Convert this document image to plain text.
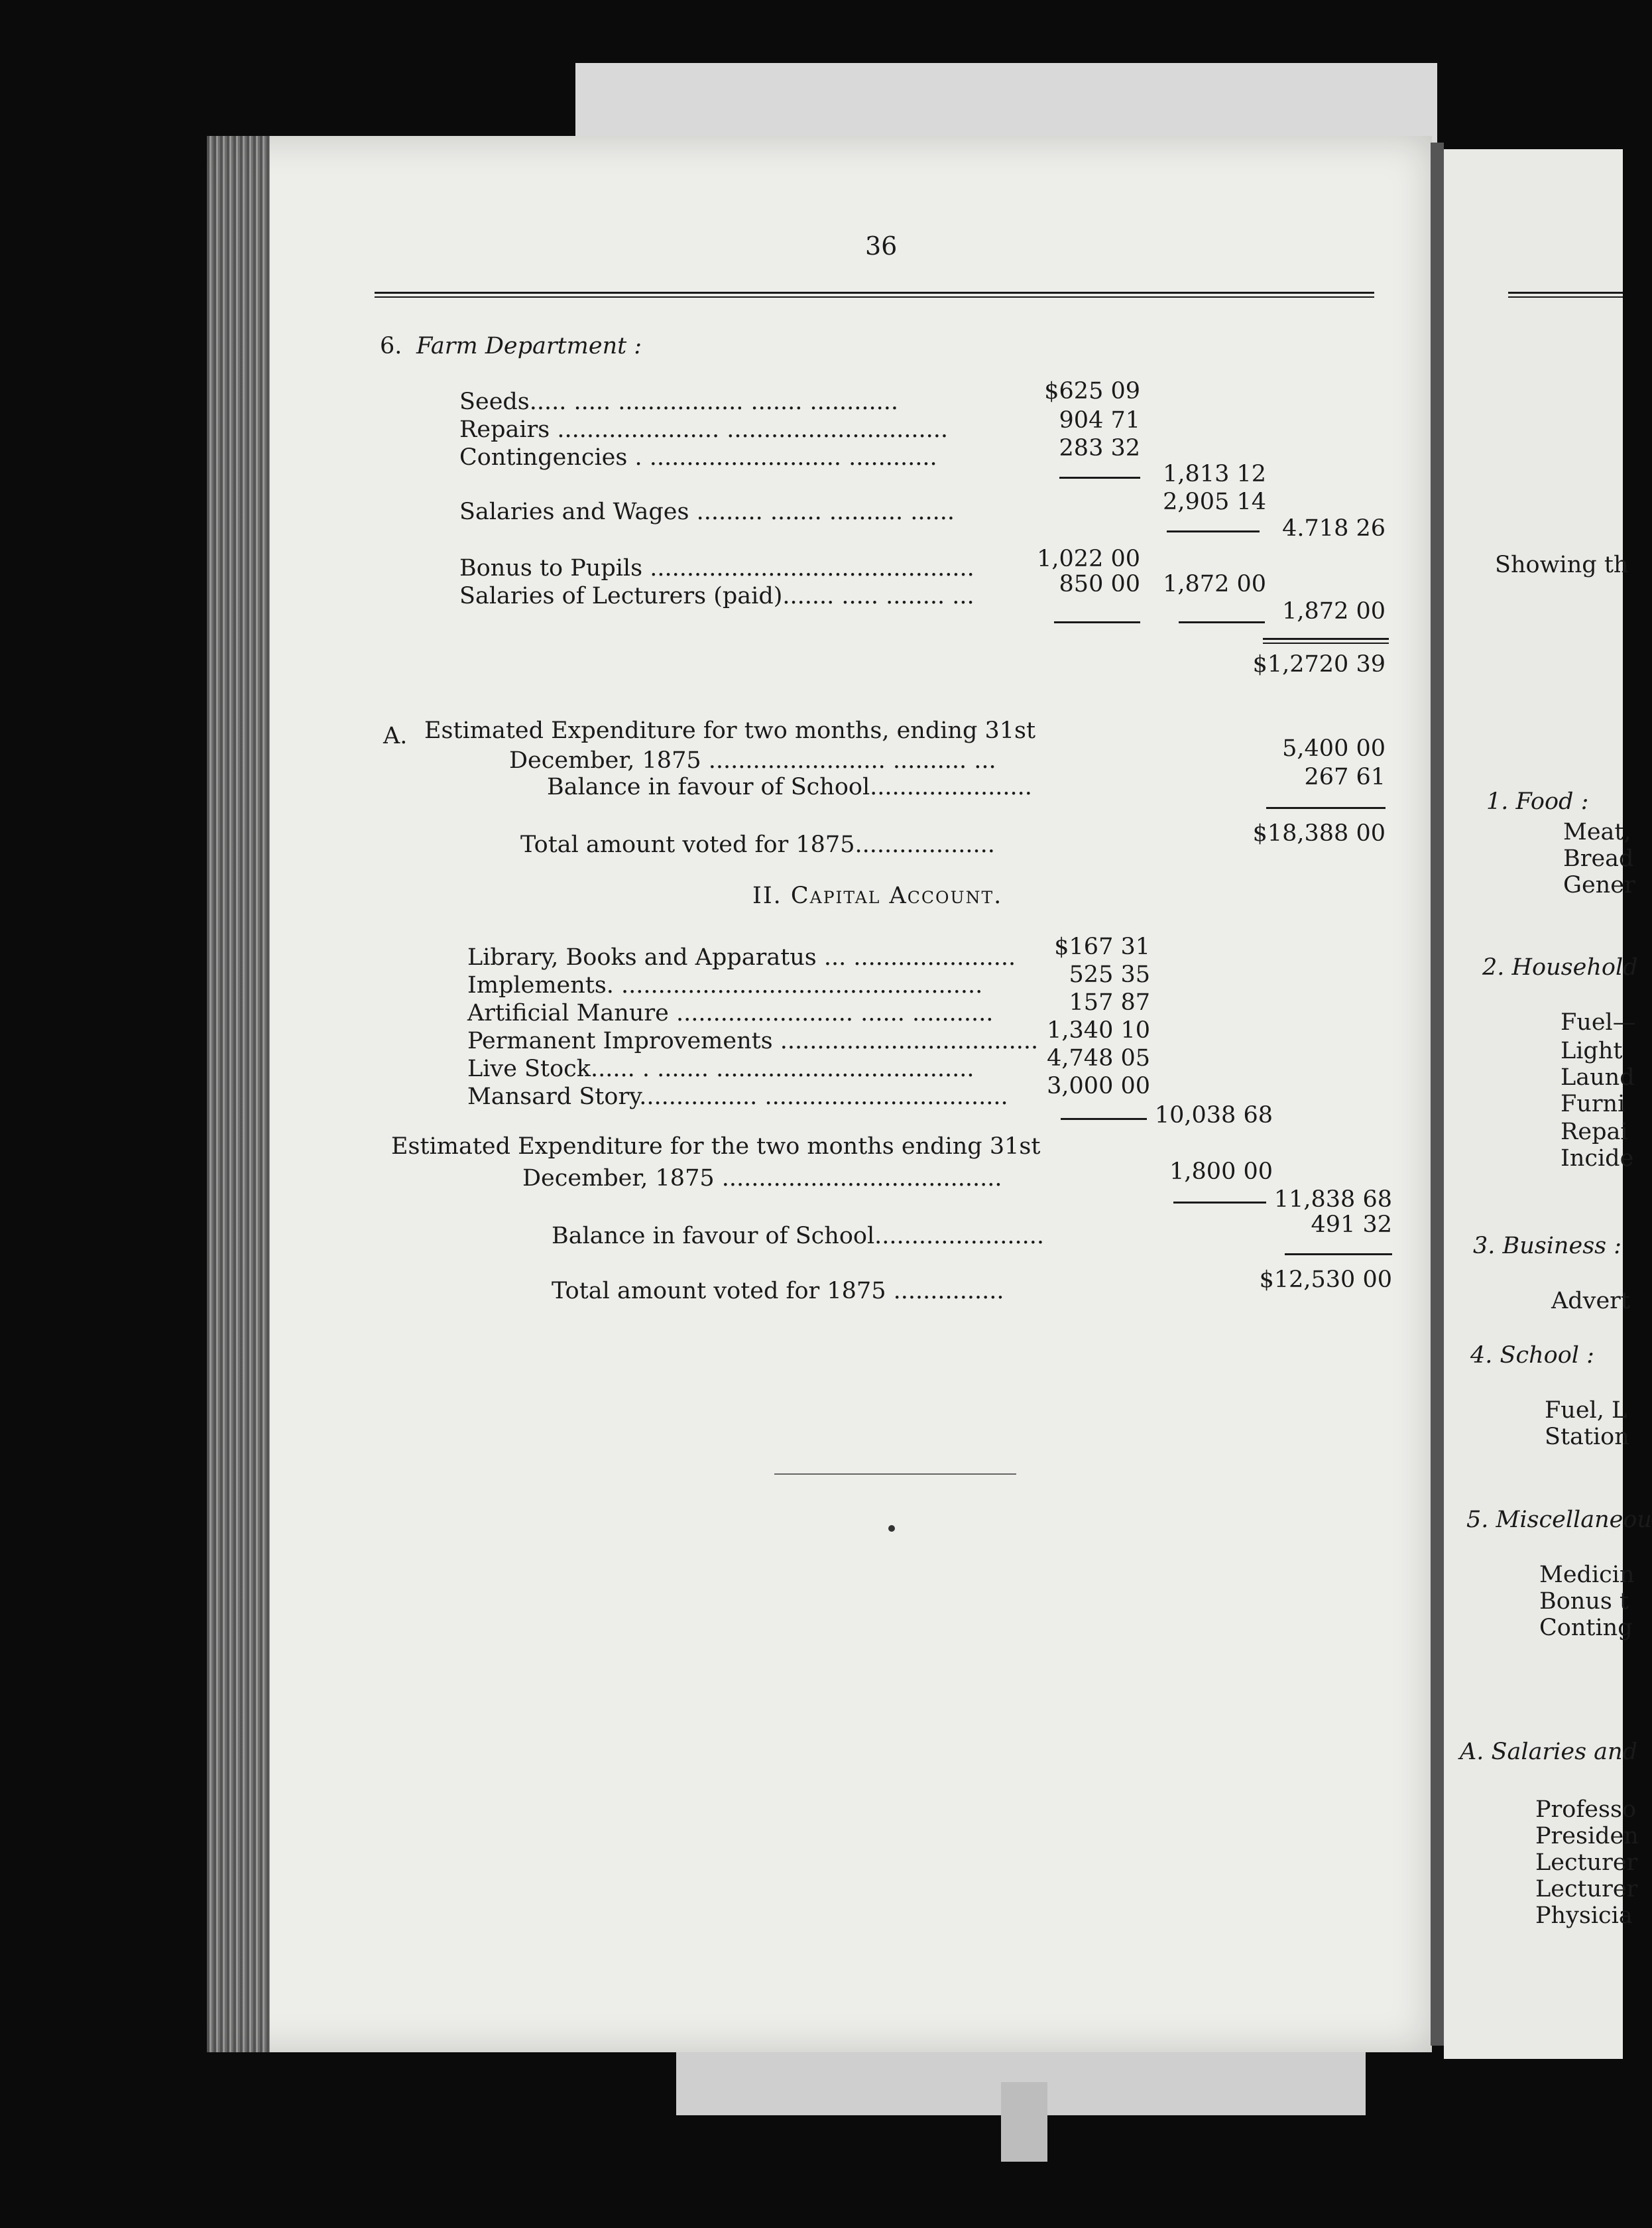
36
6. Farm Department :
Seeds..... ..... ................. ....... ............	$625 09
Repairs ...................... ..............................	904 71
Contingencies . .......................... ............	283 32
1,813 12
Salaries and Wages ......... ....... .......... ......	2,905 14
4.718 26
Bonus to Pupils ............................................	1,022 00
Salaries of Lecturers (paid)....... ..... ........ ...	850 00 1,872 00
1,872 00
$1,2720 39
A. Estimated Expenditure for two months, ending 31st
December, 1875 ........................ .......... ...	5,400 00
Balance in favour of School......................	267 61
Total amount voted for 1875...................	$18,388 00
II. Capital Account.
Library, Books and Apparatus ... ......................	$167 31
Implements. .................................................	525 35
Artificial Manure ........................ ...... ...........	157 87
Permanent Improvements ................................... 1,340 10
Live Stock...... . ....... ...................................	4,748 05
Mansard Story................ .................................	3,000 00
10,038 68
Estimated Expenditure for the two months ending 31st
December, 1875 ......................................	1,800 00
11,838 68
Balance in favour of School.......................	491 32
Total amount voted for 1875 ...............	$12,530 00
Showing th
1. Food :
Meat,
Bread
Gener
2. Household
Fuel—
Light
Laund
Furni
Repai
Incide
3. Business :
Advert
4. School :
Fuel, L
Station
5. Miscellaneou
Medicin
Bonus t
Conting
A. Salaries and
Professo
Presiden
Lecturer
Lecturer
Physicia
